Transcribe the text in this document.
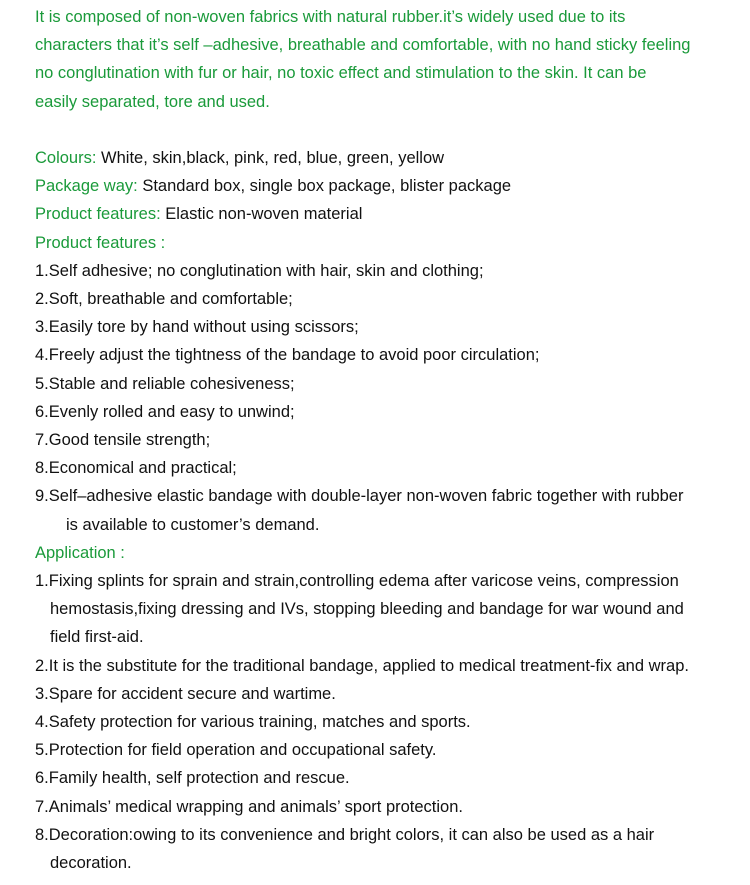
It is composed of non-woven fabrics with natural rubber.it’s widely used due to its
characters that it’s self –adhesive, breathable and comfortable, with no hand sticky feeling
no conglutination with fur or hair, no toxic effect and stimulation to the skin. It can be
easily separated, tore and used.
Colours: White, skin,black, pink, red, blue, green, yellow
Package way: Standard box, single box package, blister package
Product features: Elastic non-woven material
Product features :
1.Self adhesive; no conglutination with hair, skin and clothing;
2.Soft, breathable and comfortable;
3.Easily tore by hand without using scissors;
4.Freely adjust the tightness of the bandage to avoid poor circulation;
5.Stable and reliable cohesiveness;
6.Evenly rolled and easy to unwind;
7.Good tensile strength;
8.Economical and practical;
9.Self–adhesive elastic bandage with double-layer non-woven fabric together with rubber
is available to customer’s demand.
Application :
1.Fixing splints for sprain and strain,controlling edema after varicose veins, compression
hemostasis,fixing dressing and IVs, stopping bleeding and bandage for war wound and
field first-aid.
2.It is the substitute for the traditional bandage, applied to medical treatment-fix and wrap.
3.Spare for accident secure and wartime.
4.Safety protection for various training, matches and sports.
5.Protection for field operation and occupational safety.
6.Family health, self protection and rescue.
7.Animals’ medical wrapping and animals’ sport protection.
8.Decoration:owing to its convenience and bright colors, it can also be used as a hair
decoration.
